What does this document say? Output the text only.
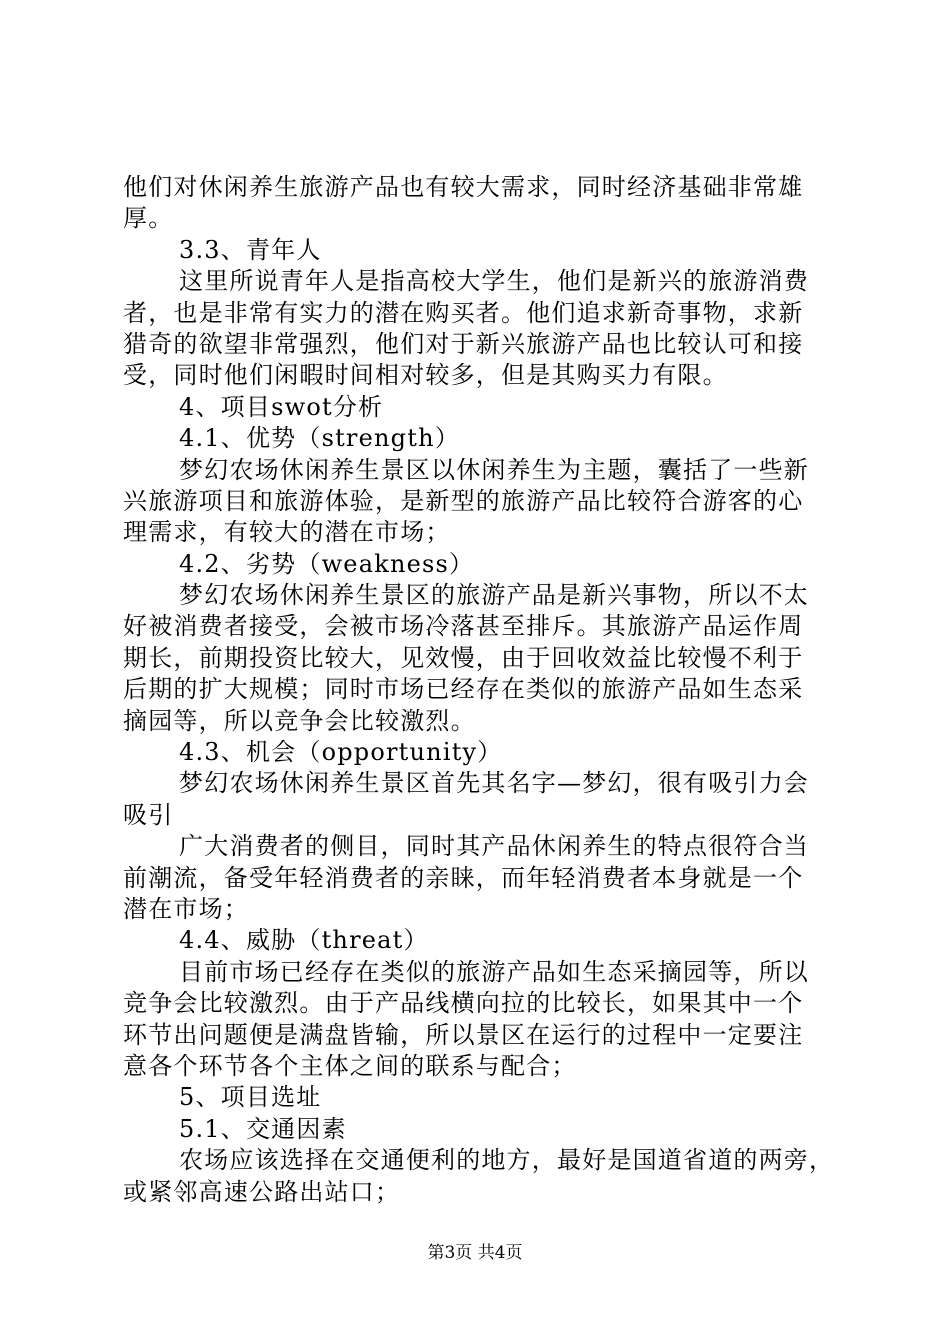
他们对休闲养生旅游产品也有较大需求，同时经济基础非常雄
厚。
3.3、青年人
这里所说青年人是指高校大学生，他们是新兴的旅游消费
者，也是非常有实力的潜在购买者。他们追求新奇事物，求新
猎奇的欲望非常强烈，他们对于新兴旅游产品也比较认可和接
受，同时他们闲暇时间相对较多，但是其购买力有限。
4、项目swot分析
4.1、优势（strength）
梦幻农场休闲养生景区以休闲养生为主题，囊括了一些新
兴旅游项目和旅游体验，是新型的旅游产品比较符合游客的心
理需求，有较大的潜在市场；
4.2、劣势（weakness）
梦幻农场休闲养生景区的旅游产品是新兴事物，所以不太
好被消费者接受，会被市场冷落甚至排斥。其旅游产品运作周
期长，前期投资比较大，见效慢，由于回收效益比较慢不利于
后期的扩大规模；同时市场已经存在类似的旅游产品如生态采
摘园等，所以竞争会比较激烈。
4.3、机会（opportunity）
梦幻农场休闲养生景区首先其名字—梦幻，很有吸引力会
吸引
广大消费者的侧目，同时其产品休闲养生的特点很符合当
前潮流，备受年轻消费者的亲睐，而年轻消费者本身就是一个
潜在市场；
4.4、威胁（threat）
目前市场已经存在类似的旅游产品如生态采摘园等，所以
竞争会比较激烈。由于产品线横向拉的比较长，如果其中一个
环节出问题便是满盘皆输，所以景区在运行的过程中一定要注
意各个环节各个主体之间的联系与配合；
5、项目选址
5.1、交通因素
农场应该选择在交通便利的地方，最好是国道省道的两旁，
或紧邻高速公路出站口；
第3页 共4页
